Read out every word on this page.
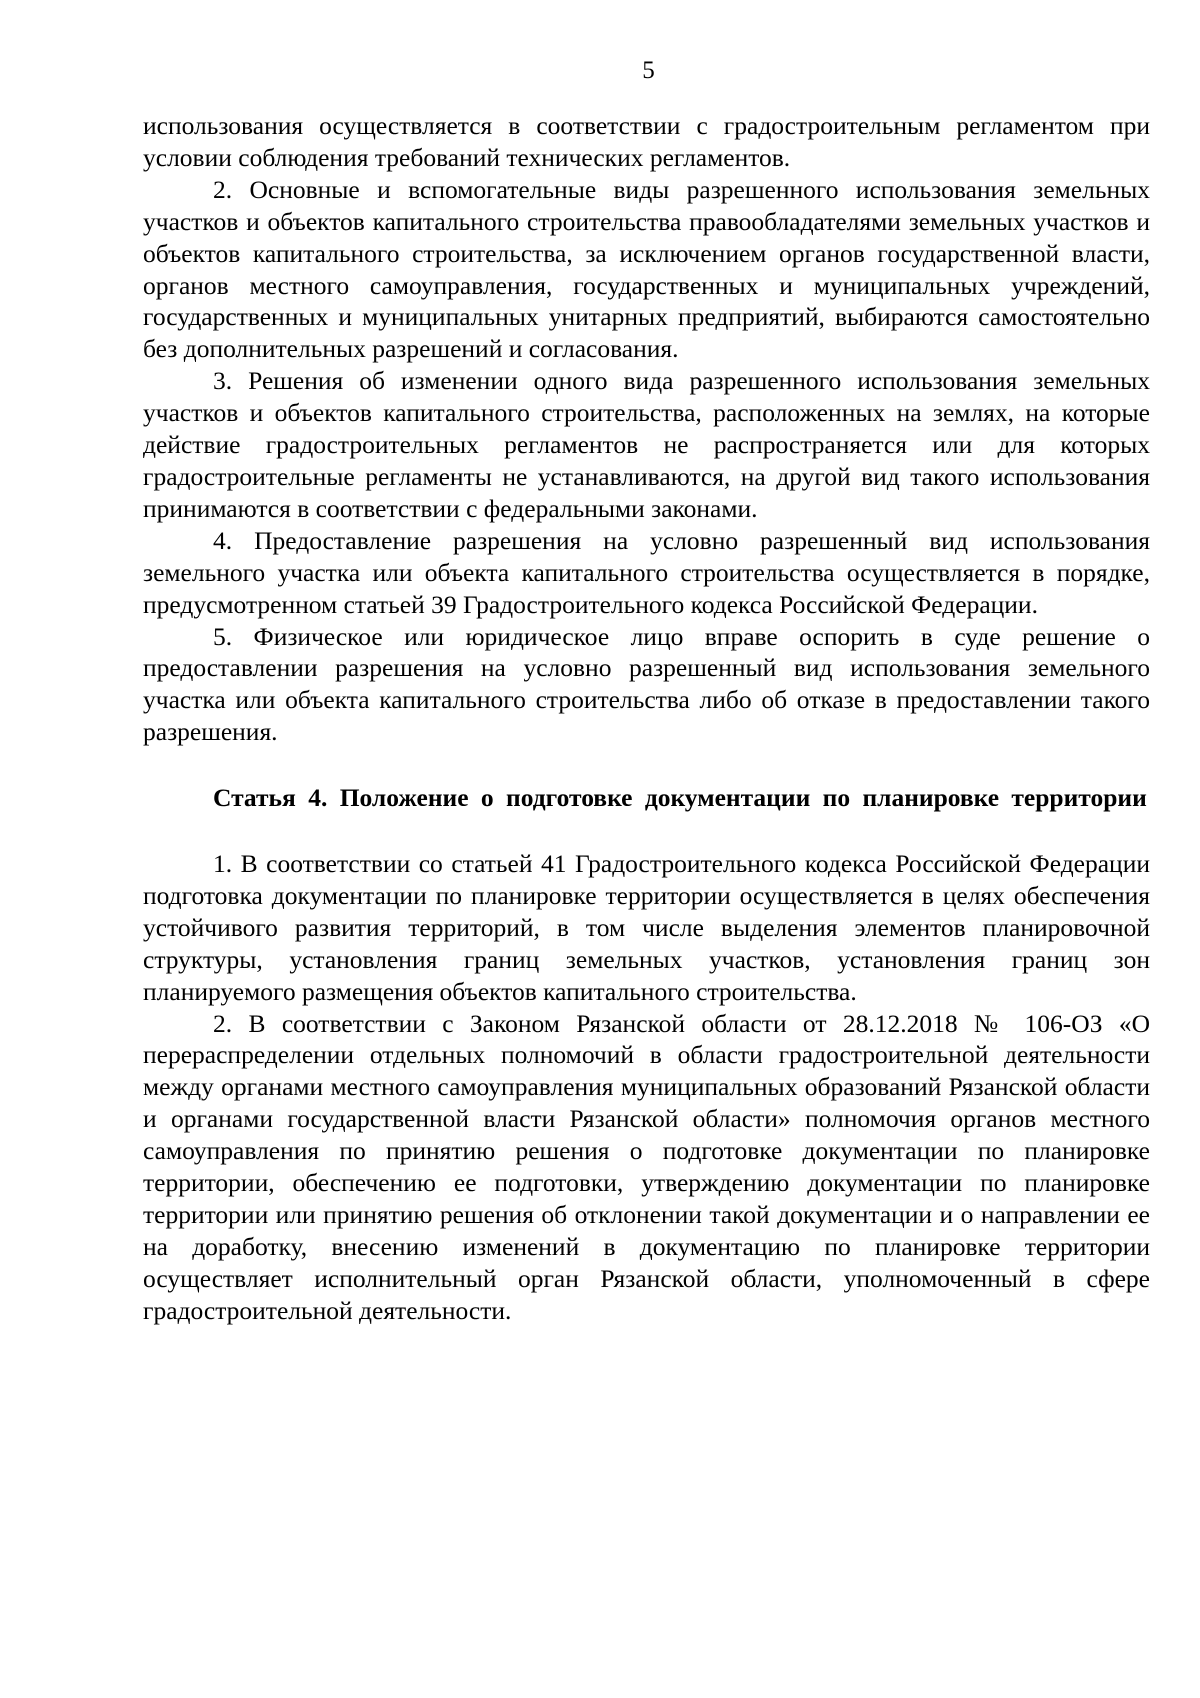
5

использования осуществляется в соответствии с градостроительным регламентом при условии соблюдения требований технических регламентов.

2. Основные и вспомогательные виды разрешенного использования земельных участков и объектов капитального строительства правообладателями земельных участков и объектов капитального строительства, за исключением органов государственной власти, органов местного самоуправления, государственных и муниципальных учреждений, государственных и муниципальных унитарных предприятий, выбираются самостоятельно без дополнительных разрешений и согласования.

3. Решения об изменении одного вида разрешенного использования земельных участков и объектов капитального строительства, расположенных на землях, на которые действие градостроительных регламентов не распространяется или для которых градостроительные регламенты не устанавливаются, на другой вид такого использования принимаются в соответствии с федеральными законами.

4. Предоставление разрешения на условно разрешенный вид использования земельного участка или объекта капитального строительства осуществляется в порядке, предусмотренном статьей 39 Градостроительного кодекса Российской Федерации.

5. Физическое или юридическое лицо вправе оспорить в суде решение о предоставлении разрешения на условно разрешенный вид использования земельного участка или объекта капитального строительства либо об отказе в предоставлении такого разрешения.

Статья 4. Положение о подготовке документации по планировке территории

1. В соответствии со статьей 41 Градостроительного кодекса Российской Федерации подготовка документации по планировке территории осуществляется в целях обеспечения устойчивого развития территорий, в том числе выделения элементов планировочной структуры, установления границ земельных участков, установления границ зон планируемого размещения объектов капитального строительства.

2. В соответствии с Законом Рязанской области от 28.12.2018 № 106-ОЗ «О перераспределении отдельных полномочий в области градостроительной деятельности между органами местного самоуправления муниципальных образований Рязанской области и органами государственной власти Рязанской области» полномочия органов местного самоуправления по принятию решения о подготовке документации по планировке территории, обеспечению ее подготовки, утверждению документации по планировке территории или принятию решения об отклонении такой документации и о направлении ее на доработку, внесению изменений в документацию по планировке территории осуществляет исполнительный орган Рязанской области, уполномоченный в сфере градостроительной деятельности.
